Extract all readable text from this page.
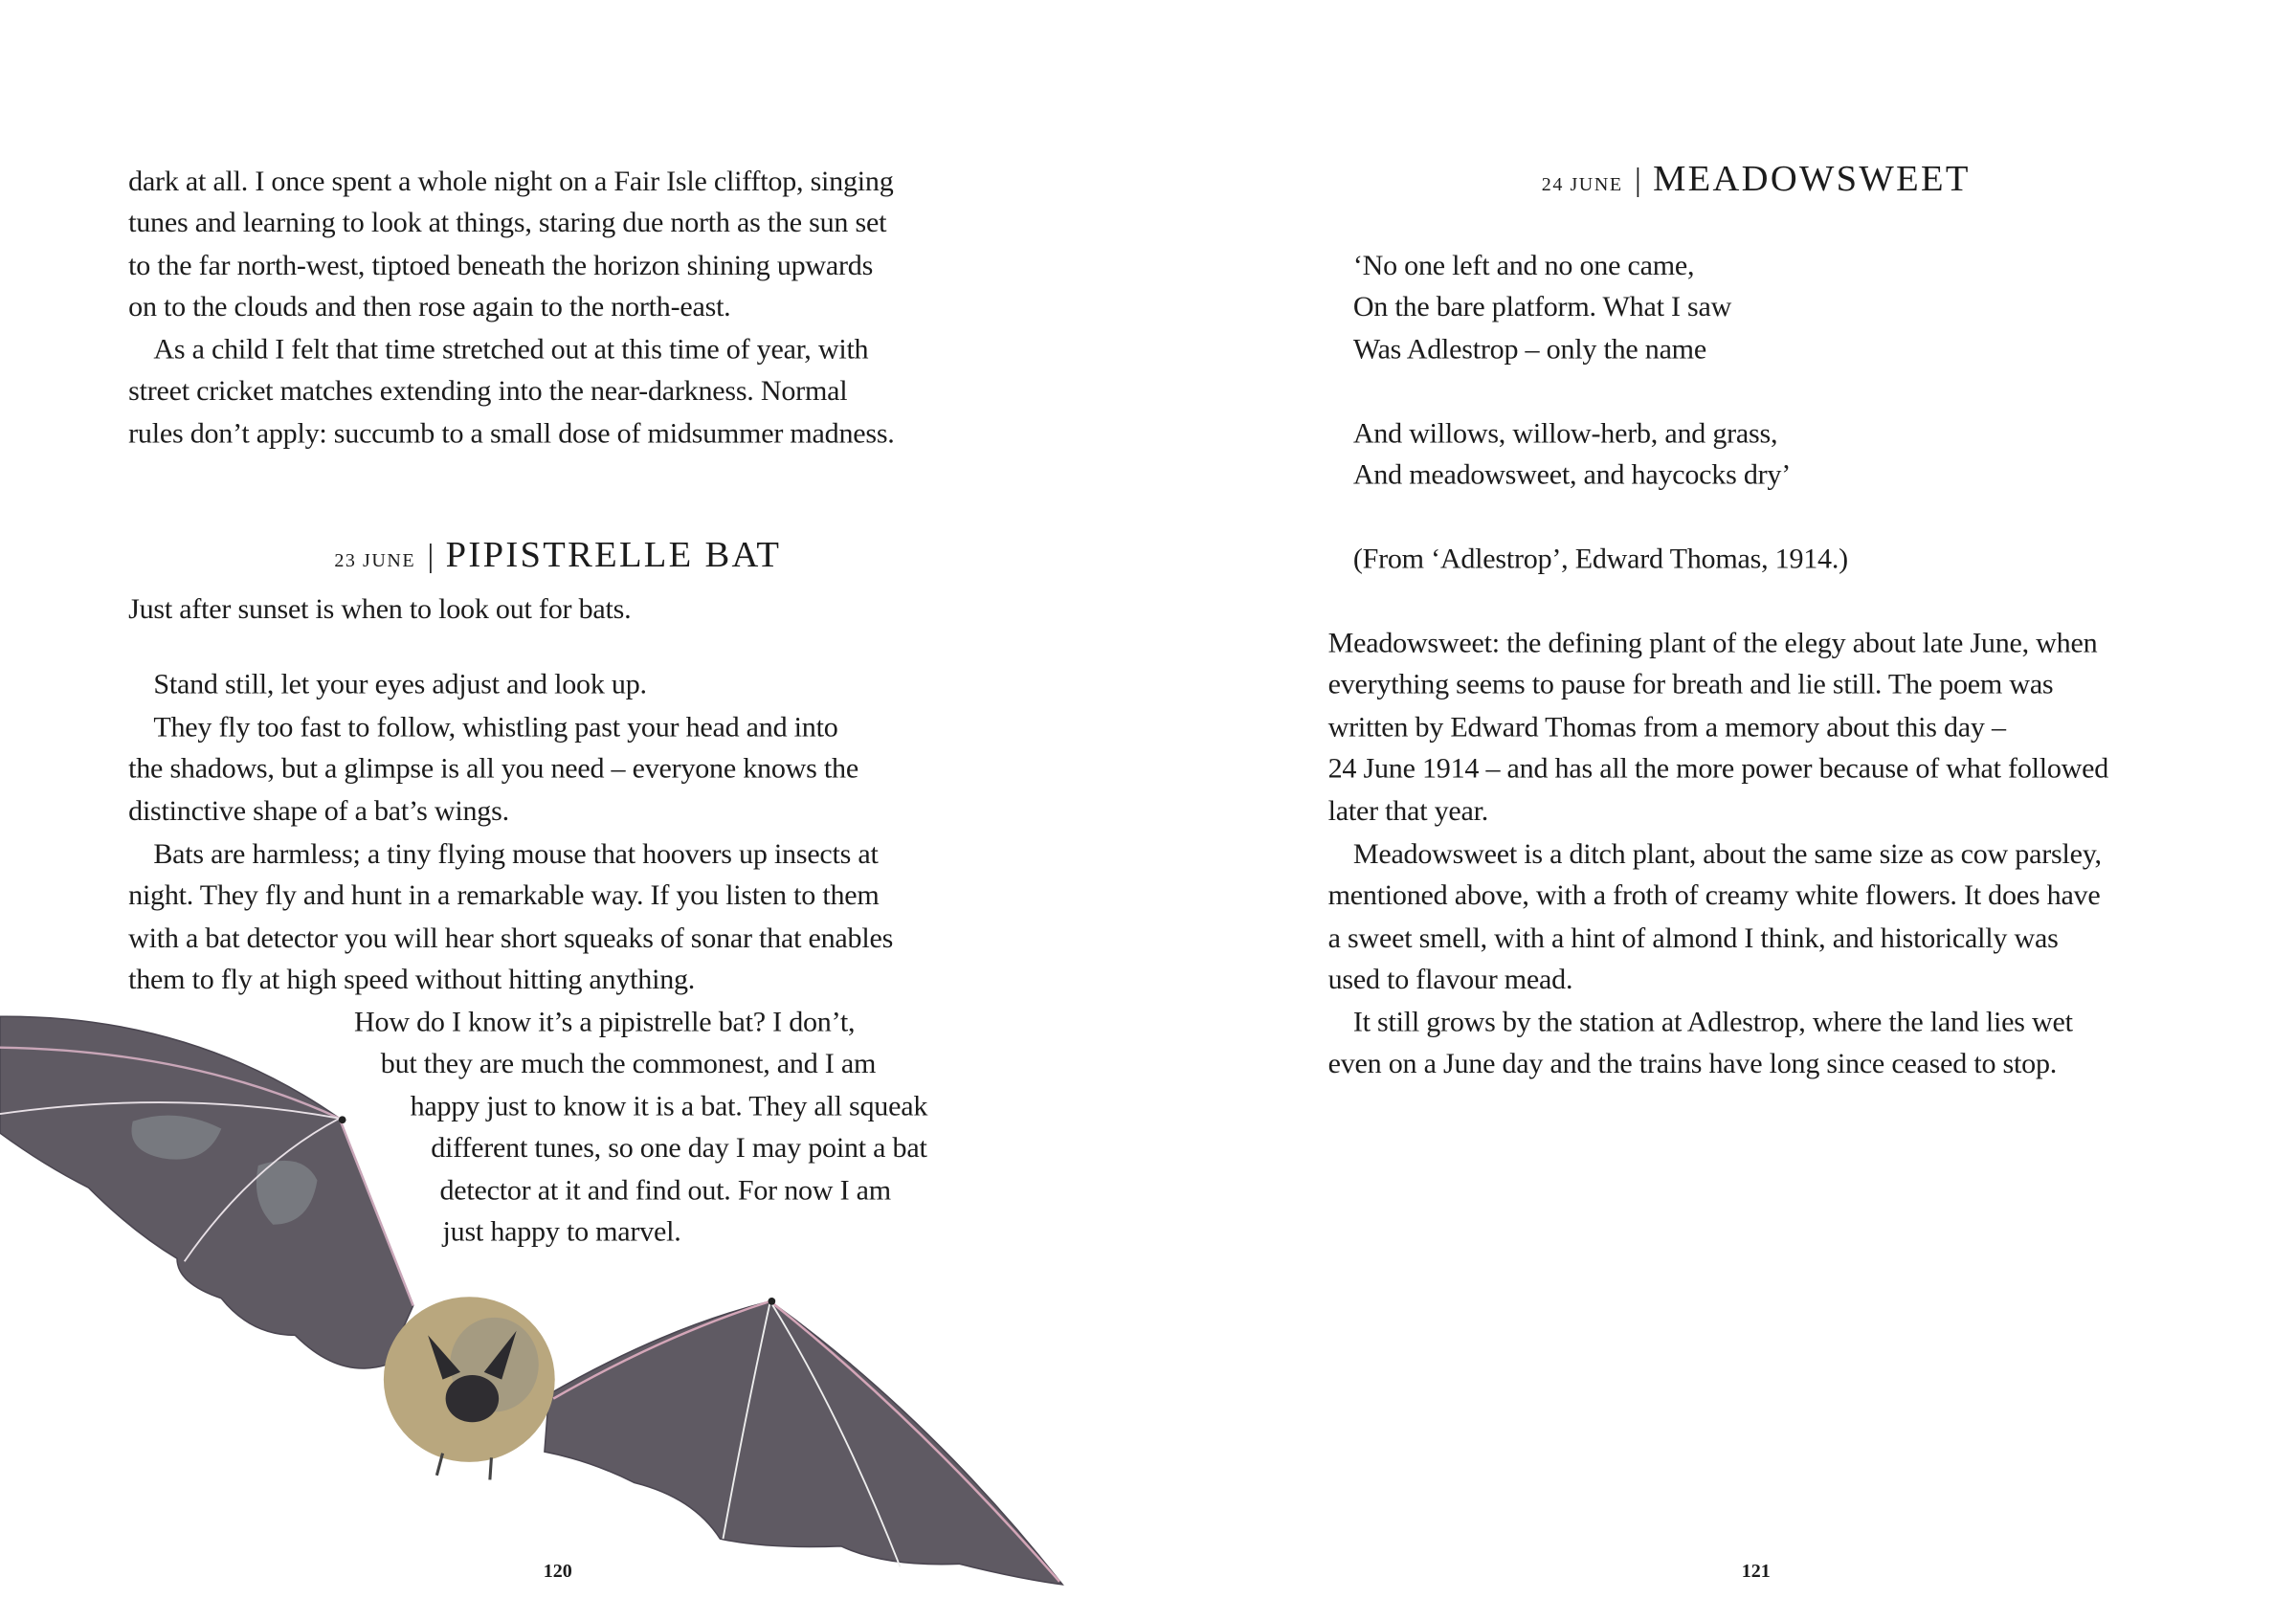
dark at all. I once spent a whole night on a Fair Isle clifftop, singing
tunes and learning to look at things, staring due north as the sun set
to the far north-west, tiptoed beneath the horizon shining upwards
on to the clouds and then rose again to the north-east.
As a child I felt that time stretched out at this time of year, with
street cricket matches extending into the near-darkness. Normal
rules don’t apply: succumb to a small dose of midsummer madness.
23 JUNE | PIPISTRELLE BAT
Just after sunset is when to look out for bats.
Stand still, let your eyes adjust and look up.
They fly too fast to follow, whistling past your head and into
the shadows, but a glimpse is all you need – everyone knows the
distinctive shape of a bat’s wings.
Bats are harmless; a tiny flying mouse that hoovers up insects at
night. They fly and hunt in a remarkable way. If you listen to them
with a bat detector you will hear short squeaks of sonar that enables
them to fly at high speed without hitting anything.
How do I know it’s a pipistrelle bat? I don’t,
but they are much the commonest, and I am
happy just to know it is a bat. They all squeak
different tunes, so one day I may point a bat
detector at it and find out. For now I am
just happy to marvel.
120
24 JUNE | MEADOWSWEET
‘No one left and no one came,
On the bare platform. What I saw
Was Adlestrop – only the name
And willows, willow-herb, and grass,
And meadowsweet, and haycocks dry’
(From ‘Adlestrop’, Edward Thomas, 1914.)
Meadowsweet: the defining plant of the elegy about late June, when
everything seems to pause for breath and lie still. The poem was
written by Edward Thomas from a memory about this day –
24 June 1914 – and has all the more power because of what followed
later that year.
Meadowsweet is a ditch plant, about the same size as cow parsley,
mentioned above, with a froth of creamy white flowers. It does have
a sweet smell, with a hint of almond I think, and historically was
used to flavour mead.
It still grows by the station at Adlestrop, where the land lies wet
even on a June day and the trains have long since ceased to stop.
121
